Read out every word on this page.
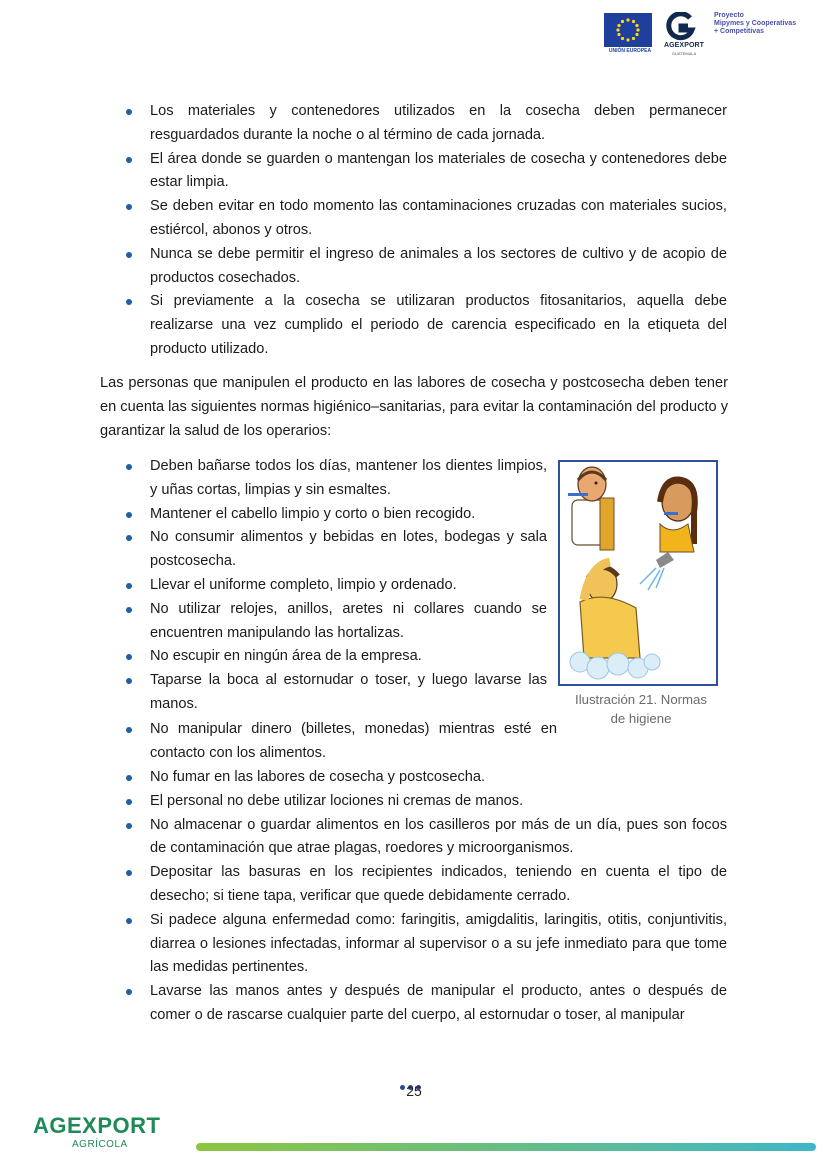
UNIÓN EUROPEA
AGEXPORT
GUATEMALA
Proyecto
Mipymes y Cooperativas
+ Competitivas
Los materiales y contenedores utilizados en la cosecha deben permanecer resguardados durante la noche o al término de cada jornada.
El área donde se guarden o mantengan los materiales de cosecha y contenedores debe estar limpia.
Se deben evitar en todo momento las contaminaciones cruzadas con materiales sucios, estiércol, abonos y otros.
Nunca se debe permitir el ingreso de animales a los sectores de cultivo y de acopio de productos cosechados.
Si previamente a la cosecha se utilizaran productos fitosanitarios, aquella debe realizarse una vez cumplido el periodo de carencia especificado en la etiqueta del producto utilizado.

Las personas que manipulen el producto en las labores de cosecha y postcosecha deben tener en cuenta las siguientes normas higiénico–sanitarias, para evitar la contaminación del producto y garantizar la salud de los operarios:

Deben bañarse todos los días, mantener los dientes limpios, y uñas cortas, limpias y sin esmaltes.
Mantener el cabello limpio y corto o bien recogido.
No consumir alimentos y bebidas en lotes, bodegas y sala postcosecha.
Llevar el uniforme completo, limpio y ordenado.
No utilizar relojes, anillos, aretes ni collares cuando se encuentren manipulando las hortalizas.
No escupir en ningún área de la empresa.
Taparse la boca al estornudar o toser, y luego lavarse las manos.
No manipular dinero (billetes, monedas) mientras esté en contacto con los alimentos.
No fumar en las labores de cosecha y postcosecha.
El personal no debe utilizar lociones ni cremas de manos.
No almacenar o guardar alimentos en los casilleros por más de un día, pues son focos de contaminación que atrae plagas, roedores y microorganismos.
Depositar las basuras en los recipientes indicados, teniendo en cuenta el tipo de desecho; si tiene tapa, verificar que quede debidamente cerrado.
Si padece alguna enfermedad como: faringitis, amigdalitis, laringitis, otitis, conjuntivitis, diarrea o lesiones infectadas, informar al supervisor o a su jefe inmediato para que tome las medidas pertinentes.
Lavarse las manos antes y después de manipular el producto, antes o después de comer o de rascarse cualquier parte del cuerpo, al estornudar o toser, al manipular
Ilustración 21. Normas
de higiene
25
AGEXPORT
AGRÍCOLA
